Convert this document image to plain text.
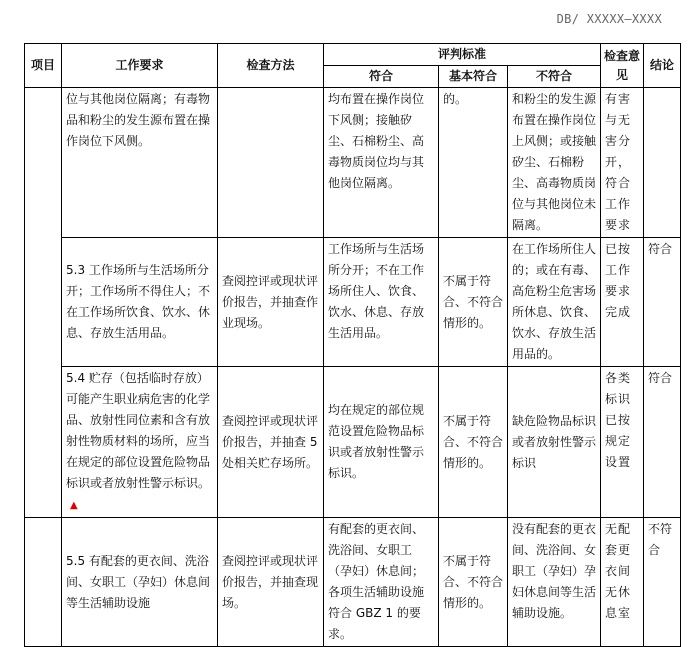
DB/ XXXXX—XXXX
项目	工作要求	检查方法	评判标准			检查意见	结论
			符合	基本符合	不符合		
	位与其他岗位隔离；有毒物品和粉尘的发生源布置在操作岗位下风侧。		均布置在操作岗位下风侧；接触矽尘、石棉粉尘、高毒物质岗位均与其他岗位隔离。	的。	和粉尘的发生源布置在操作岗位上风侧；或接触矽尘、石棉粉尘、高毒物质岗位与其他岗位未隔离。	有害与无害分开，符合工作要求	
	5.3 工作场所与生活场所分开；工作场所不得住人；不在工作场所饮食、饮水、休息、存放生活用品。	查阅控评或现状评价报告，并抽查作业现场。	工作场所与生活场所分开；不在工作场所住人、饮食、饮水、休息、存放生活用品。	不属于符合、不符合情形的。	在工作场所住人的；或在有毒、高危粉尘危害场所休息、饮食、饮水、存放生活用品的。	已按工作要求完成	符合
	5.4 贮存（包括临时存放）可能产生职业病危害的化学品、放射性同位素和含有放射性物质材料的场所，应当在规定的部位设置危险物品标识或者放射性警示标识。▲	查阅控评或现状评价报告，并抽查 5 处相关贮存场所。	均在规定的部位规范设置危险物品标识或者放射性警示标识。	不属于符合、不符合情形的。	缺危险物品标识或者放射性警示标识	各类标识已按规定设置	符合
	5.5 有配套的更衣间、洗浴间、女职工（孕妇）休息间等生活辅助设施	查阅控评或现状评价报告，并抽查现场。	有配套的更衣间、洗浴间、女职工（孕妇）休息间；各项生活辅助设施符合 GBZ 1 的要求。	不属于符合、不符合情形的。	没有配套的更衣间、洗浴间、女职工（孕妇）孕妇休息间等生活辅助设施。	无配套更衣间无休息室	不符合
